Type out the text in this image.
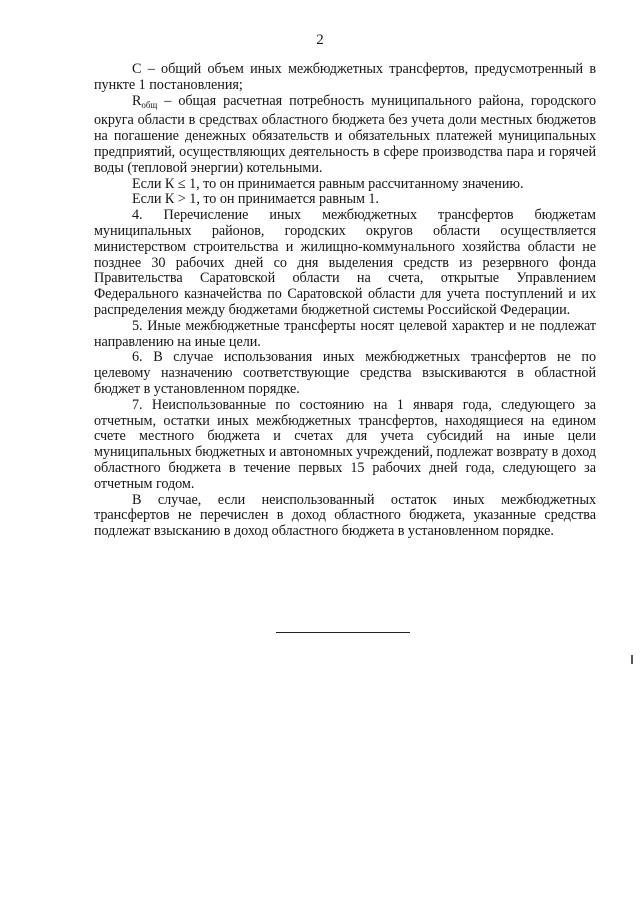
2

С – общий объем иных межбюджетных трансфертов, предусмотренный в пункте 1 постановления;

$R_{общ}$ – общая расчетная потребность муниципального района, городского округа области в средствах областного бюджета без учета доли местных бюджетов на погашение денежных обязательств и обязательных платежей муниципальных предприятий, осуществляющих деятельность в сфере производства пара и горячей воды (тепловой энергии) котельными.

Если К ≤ 1, то он принимается равным рассчитанному значению.

Если К > 1, то он принимается равным 1.

4. Перечисление иных межбюджетных трансфертов бюджетам муниципальных районов, городских округов области осуществляется министерством строительства и жилищно-коммунального хозяйства области не позднее 30 рабочих дней со дня выделения средств из резервного фонда Правительства Саратовской области на счета, открытые Управлением Федерального казначейства по Саратовской области для учета поступлений и их распределения между бюджетами бюджетной системы Российской Федерации.

5. Иные межбюджетные трансферты носят целевой характер и не подлежат направлению на иные цели.

6. В случае использования иных межбюджетных трансфертов не по целевому назначению соответствующие средства взыскиваются в областной бюджет в установленном порядке.

7. Неиспользованные по состоянию на 1 января года, следующего за отчетным, остатки иных межбюджетных трансфертов, находящиеся на едином счете местного бюджета и счетах для учета субсидий на иные цели муниципальных бюджетных и автономных учреждений, подлежат возврату в доход областного бюджета в течение первых 15 рабочих дней года, следующего за отчетным годом.

В случае, если неиспользованный остаток иных межбюджетных трансфертов не перечислен в доход областного бюджета, указанные средства подлежат взысканию в доход областного бюджета в установленном порядке.
